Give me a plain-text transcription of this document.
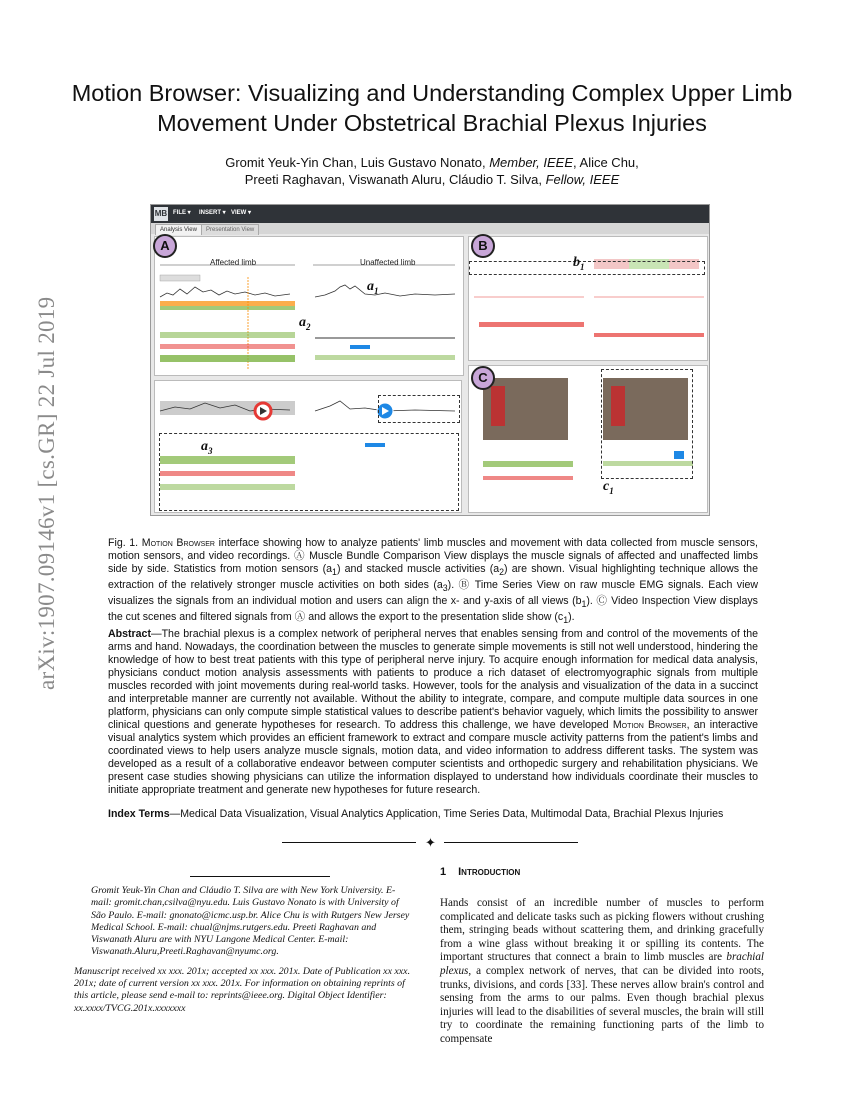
arXiv:1907.09146v1 [cs.GR] 22 Jul 2019
Motion Browser: Visualizing and Understanding Complex Upper Limb Movement Under Obstetrical Brachial Plexus Injuries
Gromit Yeuk-Yin Chan, Luis Gustavo Nonato, Member, IEEE, Alice Chu,
Preeti Raghavan, Viswanath Aluru, Cláudio T. Silva, Fellow, IEEE
MB FILE ▾ INSERT ▾ VIEW ▾
Analysis View	Presentation View
Affected limb	Unaffected limb
A	B
C
$a_1$
$a_2$
$a_3$
$b_1$
$c_1$
Fig. 1. Motion Browser interface showing how to analyze patients' limb muscles and movement with data collected from muscle sensors, motion sensors, and video recordings. Ⓐ Muscle Bundle Comparison View displays the muscle signals of affected and unaffected limbs side by side. Statistics from motion sensors $(a_1)$ and stacked muscle activities $(a_2)$ are shown. Visual highlighting technique allows the extraction of the relatively stronger muscle activities on both sides $(a_3)$. Ⓑ Time Series View on raw muscle EMG signals. Each view visualizes the signals from an individual motion and users can align the x- and y-axis of all views $(b_1)$. Ⓒ Video Inspection View displays the cut scenes and filtered signals from Ⓐ and allows the export to the presentation slide show $(c_1)$.
Abstract—The brachial plexus is a complex network of peripheral nerves that enables sensing from and control of the movements of the arms and hand. Nowadays, the coordination between the muscles to generate simple movements is still not well understood, hindering the knowledge of how to best treat patients with this type of peripheral nerve injury. To acquire enough information for medical data analysis, physicians conduct motion analysis assessments with patients to produce a rich dataset of electromyographic signals from multiple muscles recorded with joint movements during real-world tasks. However, tools for the analysis and visualization of the data in a succinct and interpretable manner are currently not available. Without the ability to integrate, compare, and compute multiple data sources in one platform, physicians can only compute simple statistical values to describe patient's behavior vaguely, which limits the possibility to answer clinical questions and generate hypotheses for research. To address this challenge, we have developed Motion Browser, an interactive visual analytics system which provides an efficient framework to extract and compare muscle activity patterns from the patient's limbs and coordinated views to help users analyze muscle signals, motion data, and video information to address different tasks. The system was developed as a result of a collaborative endeavor between computer scientists and orthopedic surgery and rehabilitation physicians. We present case studies showing physicians can utilize the information displayed to understand how individuals coordinate their muscles to initiate appropriate treatment and generate new hypotheses for future research.
Index Terms—Medical Data Visualization, Visual Analytics Application, Time Series Data, Multimodal Data, Brachial Plexus Injuries
✦
Gromit Yeuk-Yin Chan and Cláudio T. Silva are with New York University. E-mail: gromit.chan,csilva@nyu.edu. Luis Gustavo Nonato is with University of São Paulo. E-mail: gnonato@icmc.usp.br. Alice Chu is with Rutgers New Jersey Medical School. E-mail: chual@njms.rutgers.edu. Preeti Raghavan and Viswanath Aluru are with NYU Langone Medical Center. E-mail: Viswanath.Aluru,Preeti.Raghavan@nyumc.org.
Manuscript received xx xxx. 201x; accepted xx xxx. 201x. Date of Publication xx xxx. 201x; date of current version xx xxx. 201x. For information on obtaining reprints of this article, please send e-mail to: reprints@ieee.org. Digital Object Identifier: xx.xxxx/TVCG.201x.xxxxxxx
1 Introduction
Hands consist of an incredible number of muscles to perform complicated and delicate tasks such as picking flowers without crushing them, stringing beads without scattering them, and drinking gracefully from a wine glass without breaking it or spilling its contents. The important structures that connect a brain to limb muscles are brachial plexus, a complex network of nerves, that can be divided into roots, trunks, divisions, and cords [33]. These nerves allow brain's control and sensing from the arms to our palms. Even though brachial plexus injuries will lead to the disabilities of several muscles, the brain will still try to coordinate the remaining functioning parts of the limb to compensate
